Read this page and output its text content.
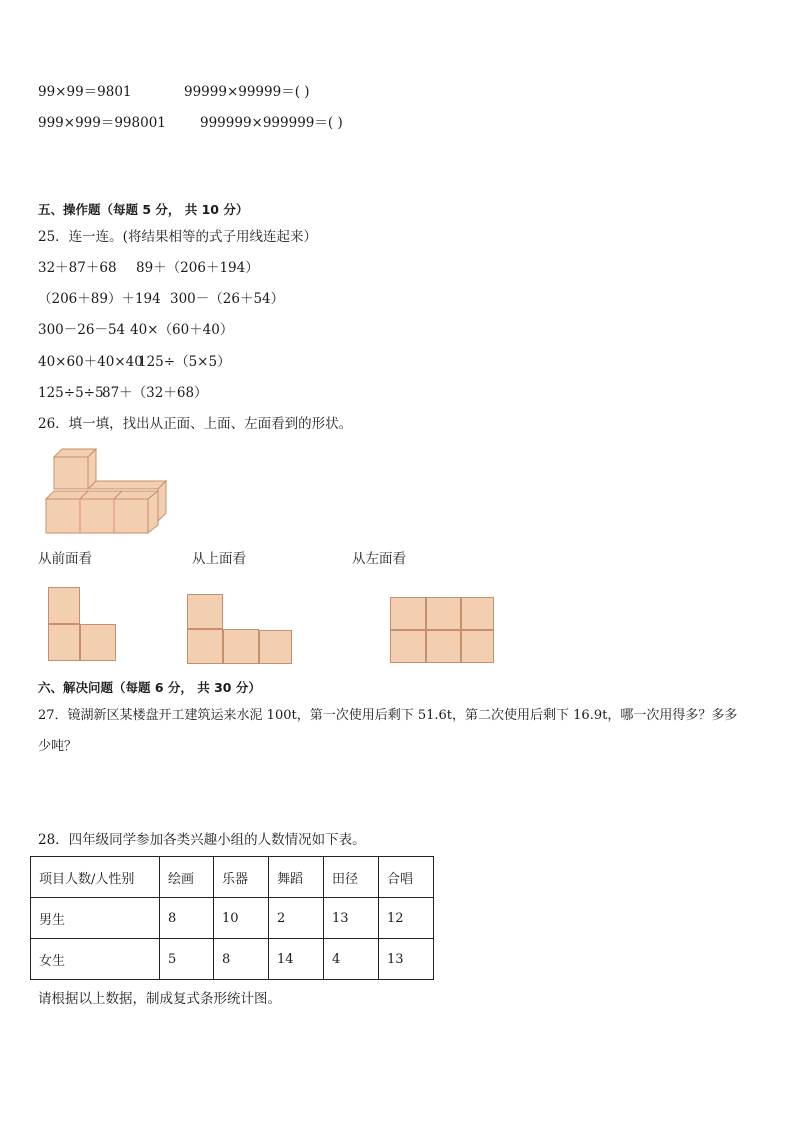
99×99＝9801	99999×99999＝( )
999×999＝998001	999999×999999＝( )
五、操作题（每题 5 分， 共 10 分）
25．连一连。(将结果相等的式子用线连起来）
32＋87＋68 89＋（206＋194）
（206＋89）＋194 300－（26＋54）
300－26－54 40×（60＋40）
40×60＋40×40
125÷（5×5）
125÷5÷5
87＋（32＋68）
26．填一填，找出从正面、上面、左面看到的形状。
从前面看	从上面看	从左面看
六、解决问题（每题 6 分， 共 30 分）
27．镜湖新区某楼盘开工建筑运来水泥 100t，第一次使用后剩下 51.6t，第二次使用后剩下 16.9t，哪一次用得多？多多
少吨？
28．四年级同学参加各类兴趣小组的人数情况如下表。
项目人数/人性别	绘画	乐器	舞蹈	田径	合唱
男生	8	10	2	13	12
女生	5	8	14	4	13
请根据以上数据，制成复式条形统计图。
